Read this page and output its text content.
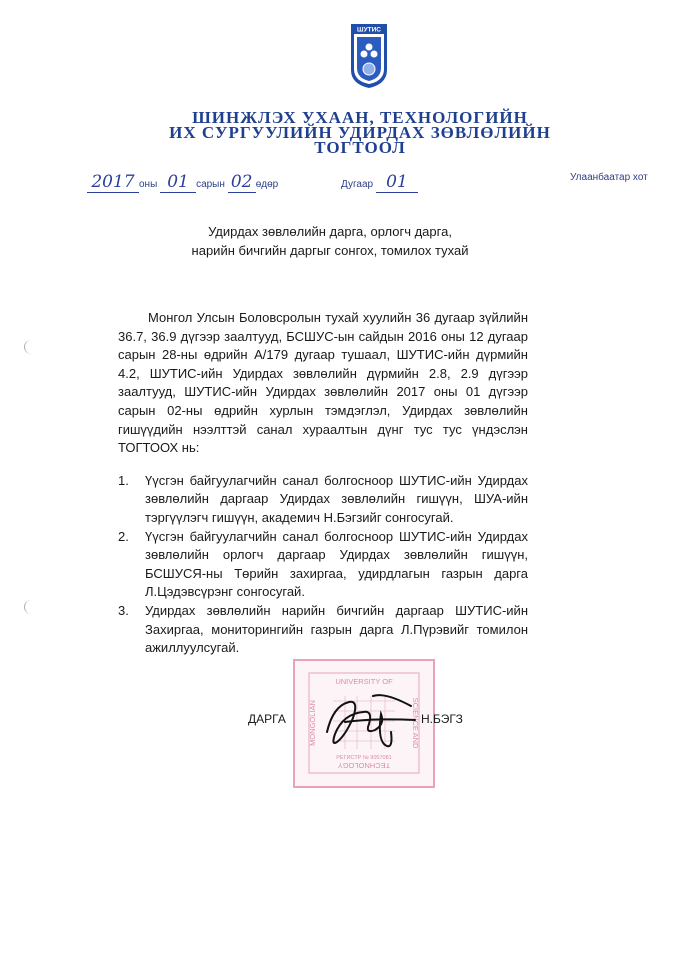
ШУТИС
ШИНЖЛЭХ УХААН, ТЕХНОЛОГИЙН
ИХ СУРГУУЛИЙН УДИРДАХ ЗӨВЛӨЛИЙН
ТОГТООЛ
2017 оны 01 сарын 02 өдөр	Дугаар 01	Улаанбаатар хот
Удирдах зөвлөлийн дарга, орлогч дарга,
нарийн бичгийн даргыг сонгох, томилох тухай

Монгол Улсын Боловсролын тухай хуулийн 36 дугаар зүйлийн 36.7, 36.9 дүгээр заалтууд, БСШУС-ын сайдын 2016 оны 12 дугаар сарын 28-ны өдрийн А/179 дугаар тушаал, ШУТИС-ийн дүрмийн 4.2, ШУТИС-ийн Удирдах зөвлөлийн дүрмийн 2.8, 2.9 дүгээр заалтууд, ШУТИС-ийн Удирдах зөвлөлийн 2017 оны 01 дүгээр сарын 02-ны өдрийн хурлын тэмдэглэл, Удирдах зөвлөлийн гишүүдийн нээлттэй санал хураалтын дүнг тус тус үндэслэн ТОГТООХ нь:

1. Үүсгэн байгуулагчийн санал болгосноор ШУТИС-ийн Удирдах зөвлөлийн даргаар Удирдах зөвлөлийн гишүүн, ШУА-ийн тэргүүлэгч гишүүн, академич Н.Бэгзийг сонгосугай.
2. Үүсгэн байгуулагчийн санал болгосноор ШУТИС-ийн Удирдах зөвлөлийн орлогч даргаар Удирдах зөвлөлийн гишүүн, БСШУСЯ-ны Төрийн захиргаа, удирдлагын газрын дарга Л.Цэдэвсүрэнг сонгосугай.
3. Удирдах зөвлөлийн нарийн бичгийн даргаар ШУТИС-ийн Захиргаа, мониторингийн газрын дарга Л.Пүрэвийг томилон ажиллуулсугай.
UNIVERSITY OF
TECHNOLOGY
SCIENCE AND
MONGOLIAN
РЕГИСТР № 9057081
ДАРГА	Н.БЭГЗ
